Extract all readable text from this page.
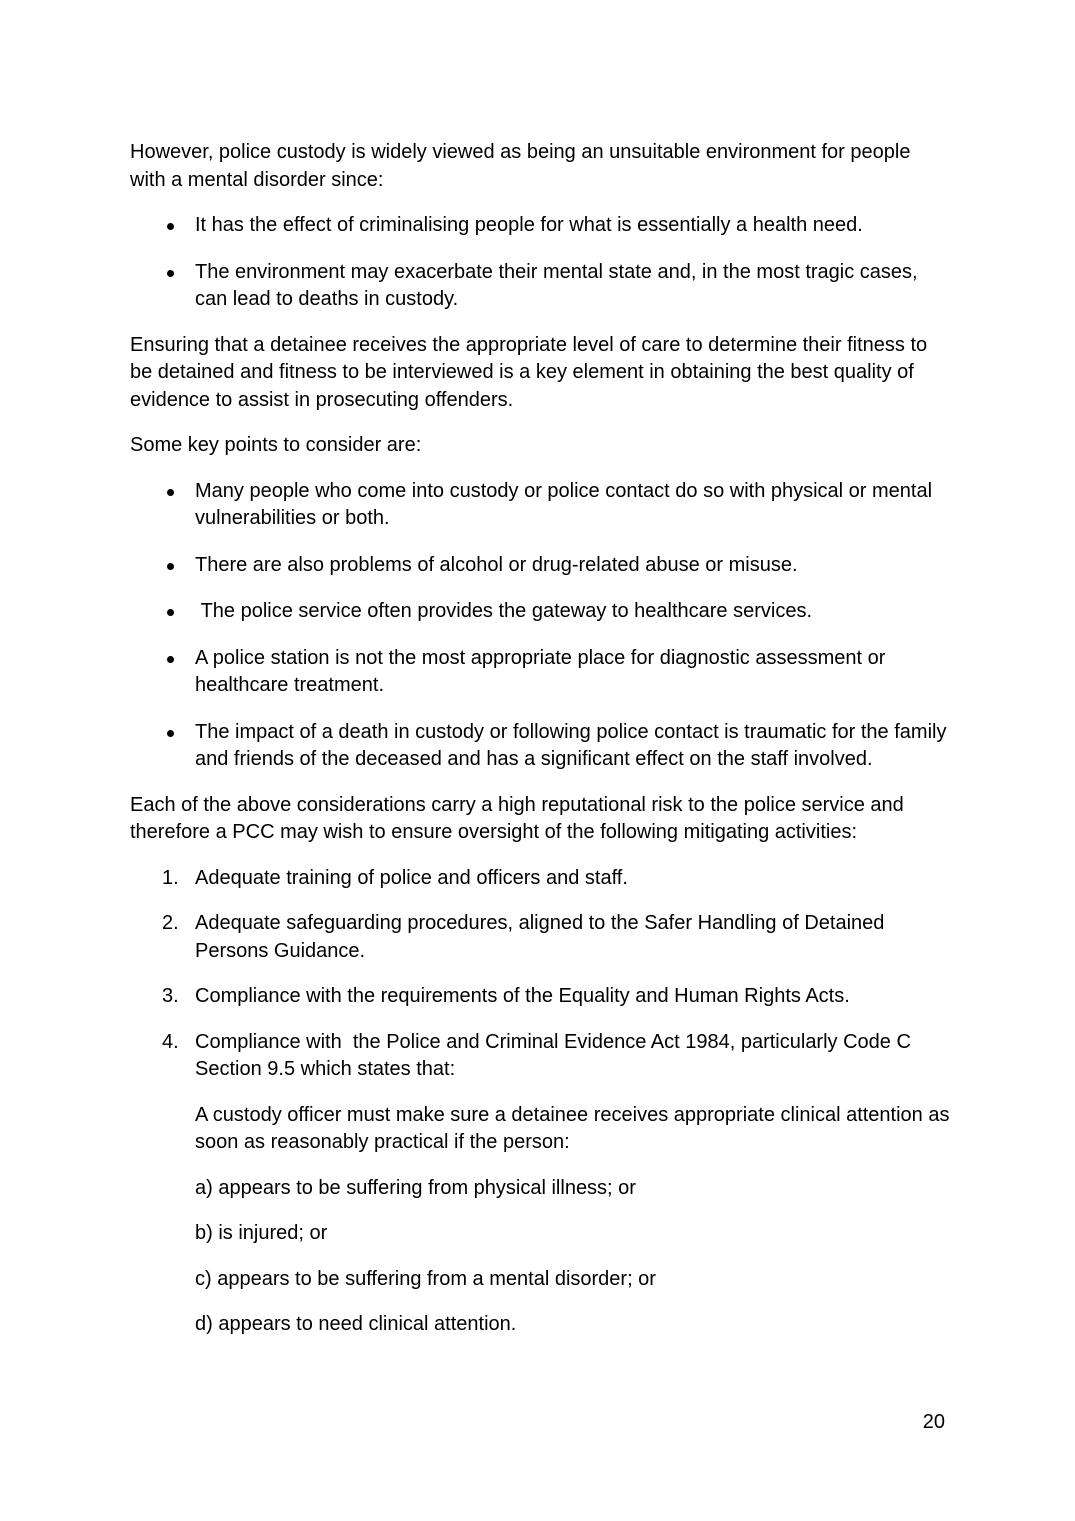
However, police custody is widely viewed as being an unsuitable environment for people with a mental disorder since:

It has the effect of criminalising people for what is essentially a health need.
The environment may exacerbate their mental state and, in the most tragic cases, can lead to deaths in custody.

Ensuring that a detainee receives the appropriate level of care to determine their fitness to be detained and fitness to be interviewed is a key element in obtaining the best quality of evidence to assist in prosecuting offenders.

Some key points to consider are:

Many people who come into custody or police contact do so with physical or mental vulnerabilities or both.
There are also problems of alcohol or drug-related abuse or misuse.
The police service often provides the gateway to healthcare services.
A police station is not the most appropriate place for diagnostic assessment or healthcare treatment.
The impact of a death in custody or following police contact is traumatic for the family and friends of the deceased and has a significant effect on the staff involved.

Each of the above considerations carry a high reputational risk to the police service and therefore a PCC may wish to ensure oversight of the following mitigating activities:

1. Adequate training of police and officers and staff.
2. Adequate safeguarding procedures, aligned to the Safer Handling of Detained Persons Guidance.
3. Compliance with the requirements of the Equality and Human Rights Acts.
4. Compliance with  the Police and Criminal Evidence Act 1984, particularly Code C Section 9.5 which states that:

A custody officer must make sure a detainee receives appropriate clinical attention as soon as reasonably practical if the person:

a) appears to be suffering from physical illness; or

b) is injured; or

c) appears to be suffering from a mental disorder; or

d) appears to need clinical attention.

20
